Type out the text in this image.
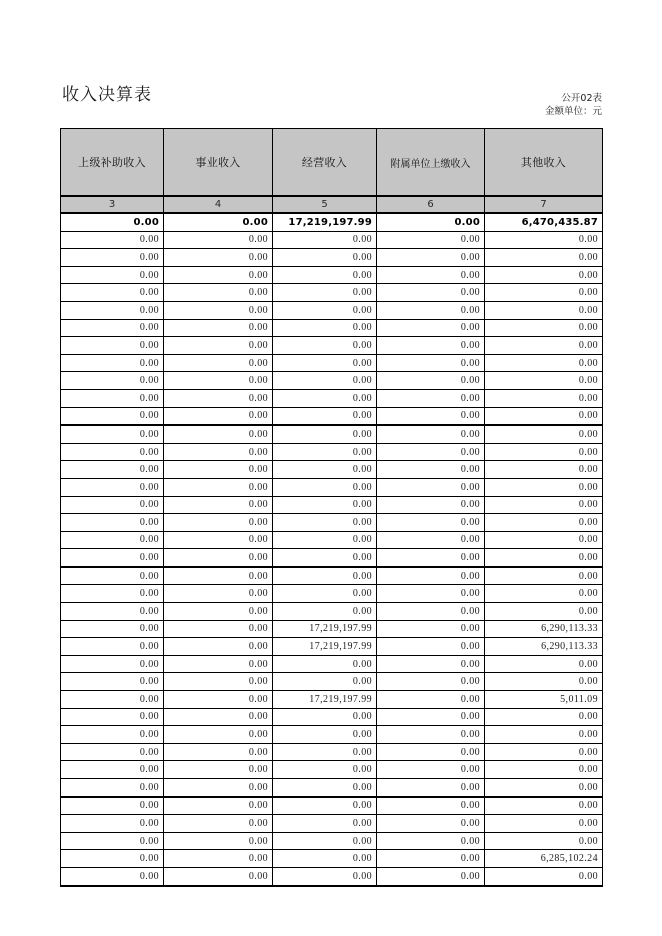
收入决算表	公开02表
金额单位：元
上级补助收入	事业收入	经营收入	附属单位上缴收入	其他收入
3	4	5	6	7
0.00	0.00	17,219,197.99	0.00	6,470,435.87
0.00	0.00	0.00	0.00	0.00
0.00	0.00	0.00	0.00	0.00
0.00	0.00	0.00	0.00	0.00
0.00	0.00	0.00	0.00	0.00
0.00	0.00	0.00	0.00	0.00
0.00	0.00	0.00	0.00	0.00
0.00	0.00	0.00	0.00	0.00
0.00	0.00	0.00	0.00	0.00
0.00	0.00	0.00	0.00	0.00
0.00	0.00	0.00	0.00	0.00
0.00	0.00	0.00	0.00	0.00
0.00	0.00	0.00	0.00	0.00
0.00	0.00	0.00	0.00	0.00
0.00	0.00	0.00	0.00	0.00
0.00	0.00	0.00	0.00	0.00
0.00	0.00	0.00	0.00	0.00
0.00	0.00	0.00	0.00	0.00
0.00	0.00	0.00	0.00	0.00
0.00	0.00	0.00	0.00	0.00
0.00	0.00	0.00	0.00	0.00
0.00	0.00	0.00	0.00	0.00
0.00	0.00	0.00	0.00	0.00
0.00	0.00	17,219,197.99	0.00	6,290,113.33
0.00	0.00	17,219,197.99	0.00	6,290,113.33
0.00	0.00	0.00	0.00	0.00
0.00	0.00	0.00	0.00	0.00
0.00	0.00	17,219,197.99	0.00	5,011.09
0.00	0.00	0.00	0.00	0.00
0.00	0.00	0.00	0.00	0.00
0.00	0.00	0.00	0.00	0.00
0.00	0.00	0.00	0.00	0.00
0.00	0.00	0.00	0.00	0.00
0.00	0.00	0.00	0.00	0.00
0.00	0.00	0.00	0.00	0.00
0.00	0.00	0.00	0.00	0.00
0.00	0.00	0.00	0.00	6,285,102.24
0.00	0.00	0.00	0.00	0.00
